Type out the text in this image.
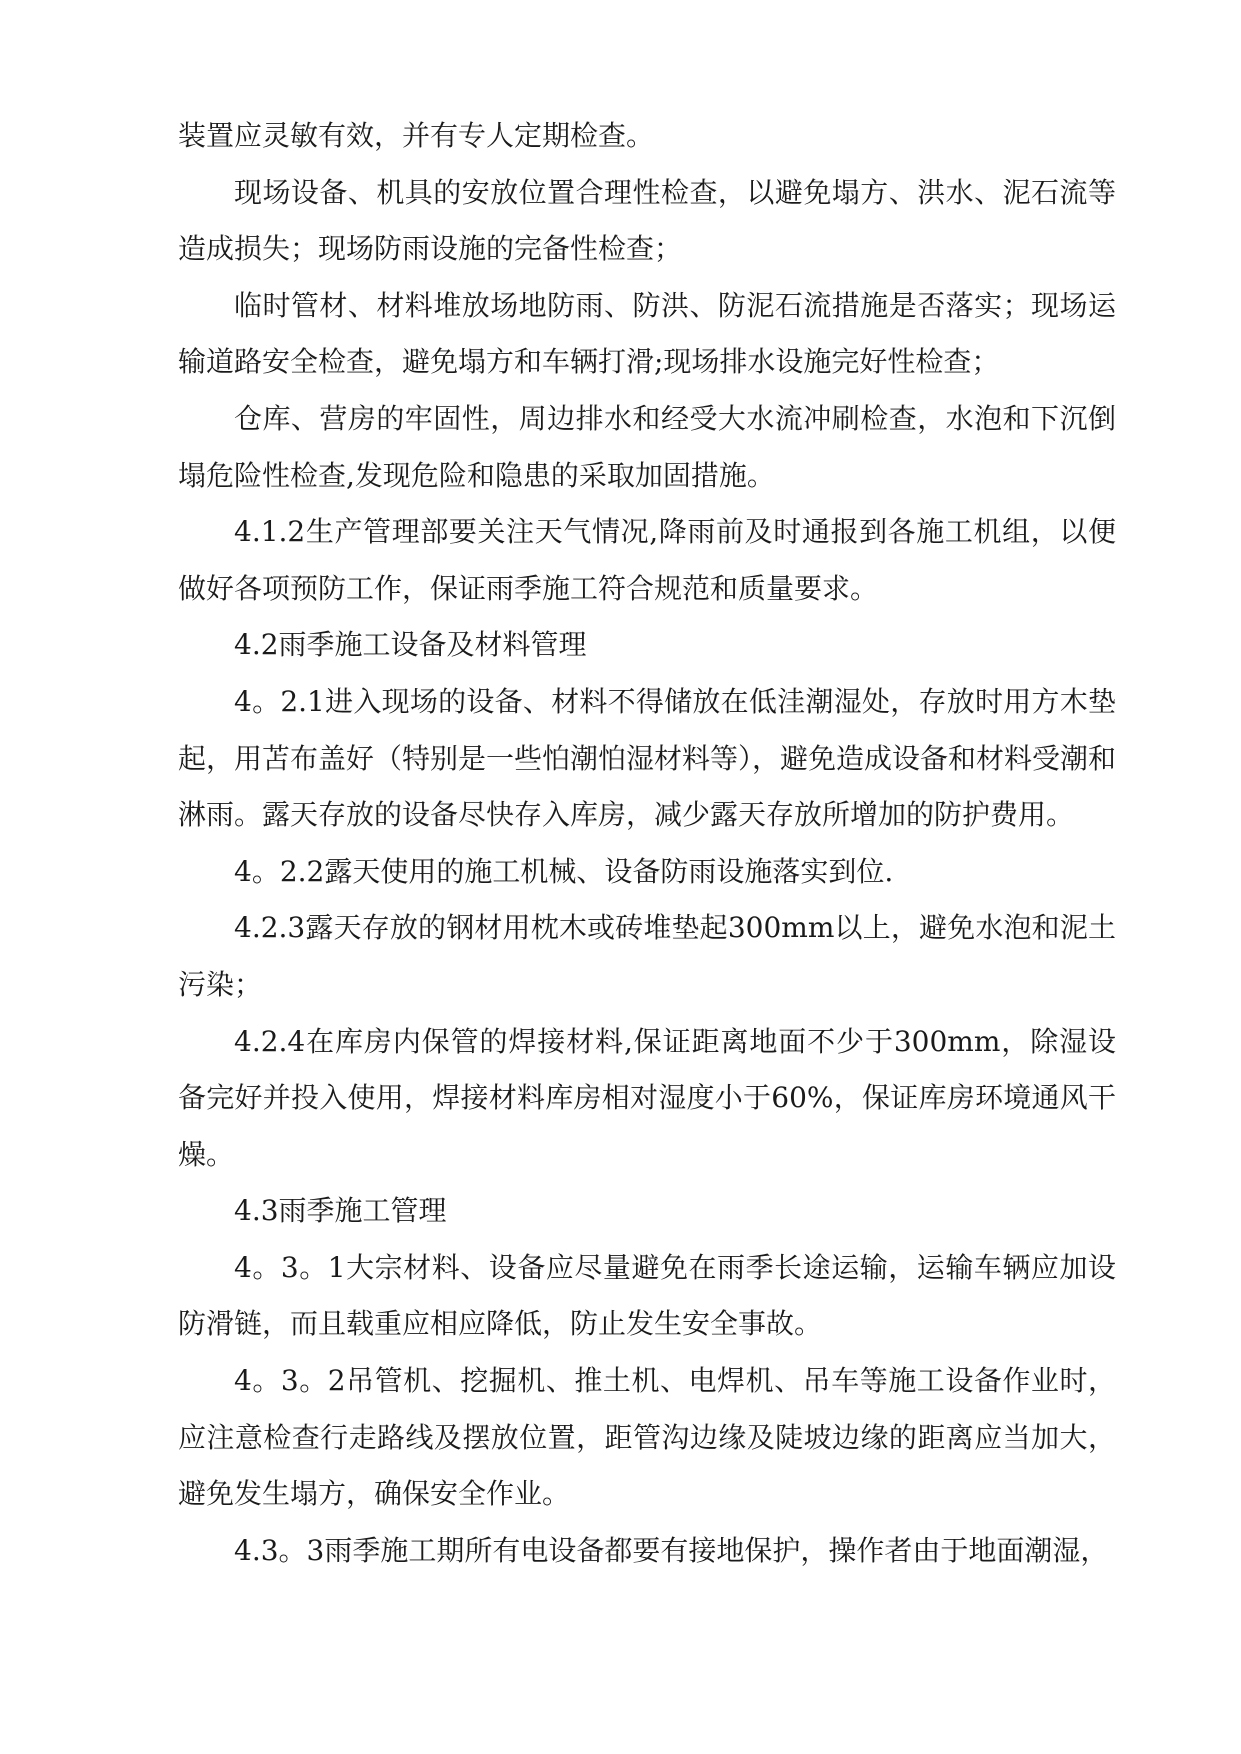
装置应灵敏有效，并有专人定期检查。

现场设备、机具的安放位置合理性检查，以避免塌方、洪水、泥石流等造成损失；现场防雨设施的完备性检查；

临时管材、材料堆放场地防雨、防洪、防泥石流措施是否落实；现场运输道路安全检查，避免塌方和车辆打滑;现场排水设施完好性检查；

仓库、营房的牢固性，周边排水和经受大水流冲刷检查，水泡和下沉倒塌危险性检查,发现危险和隐患的采取加固措施。

4.1.2生产管理部要关注天气情况,降雨前及时通报到各施工机组，以便做好各项预防工作，保证雨季施工符合规范和质量要求。

4.2雨季施工设备及材料管理

4。2.1进入现场的设备、材料不得储放在低洼潮湿处，存放时用方木垫起，用苫布盖好（特别是一些怕潮怕湿材料等），避免造成设备和材料受潮和淋雨。露天存放的设备尽快存入库房，减少露天存放所增加的防护费用。

4。2.2露天使用的施工机械、设备防雨设施落实到位.

4.2.3露天存放的钢材用枕木或砖堆垫起300mm以上，避免水泡和泥土污染；

4.2.4在库房内保管的焊接材料,保证距离地面不少于300mm，除湿设备完好并投入使用，焊接材料库房相对湿度小于60%，保证库房环境通风干燥。

4.3雨季施工管理

4。3。1大宗材料、设备应尽量避免在雨季长途运输，运输车辆应加设防滑链，而且载重应相应降低，防止发生安全事故。

4。3。2吊管机、挖掘机、推土机、电焊机、吊车等施工设备作业时，应注意检查行走路线及摆放位置，距管沟边缘及陡坡边缘的距离应当加大，避免发生塌方，确保安全作业。

4.3。3雨季施工期所有电设备都要有接地保护，操作者由于地面潮湿，
